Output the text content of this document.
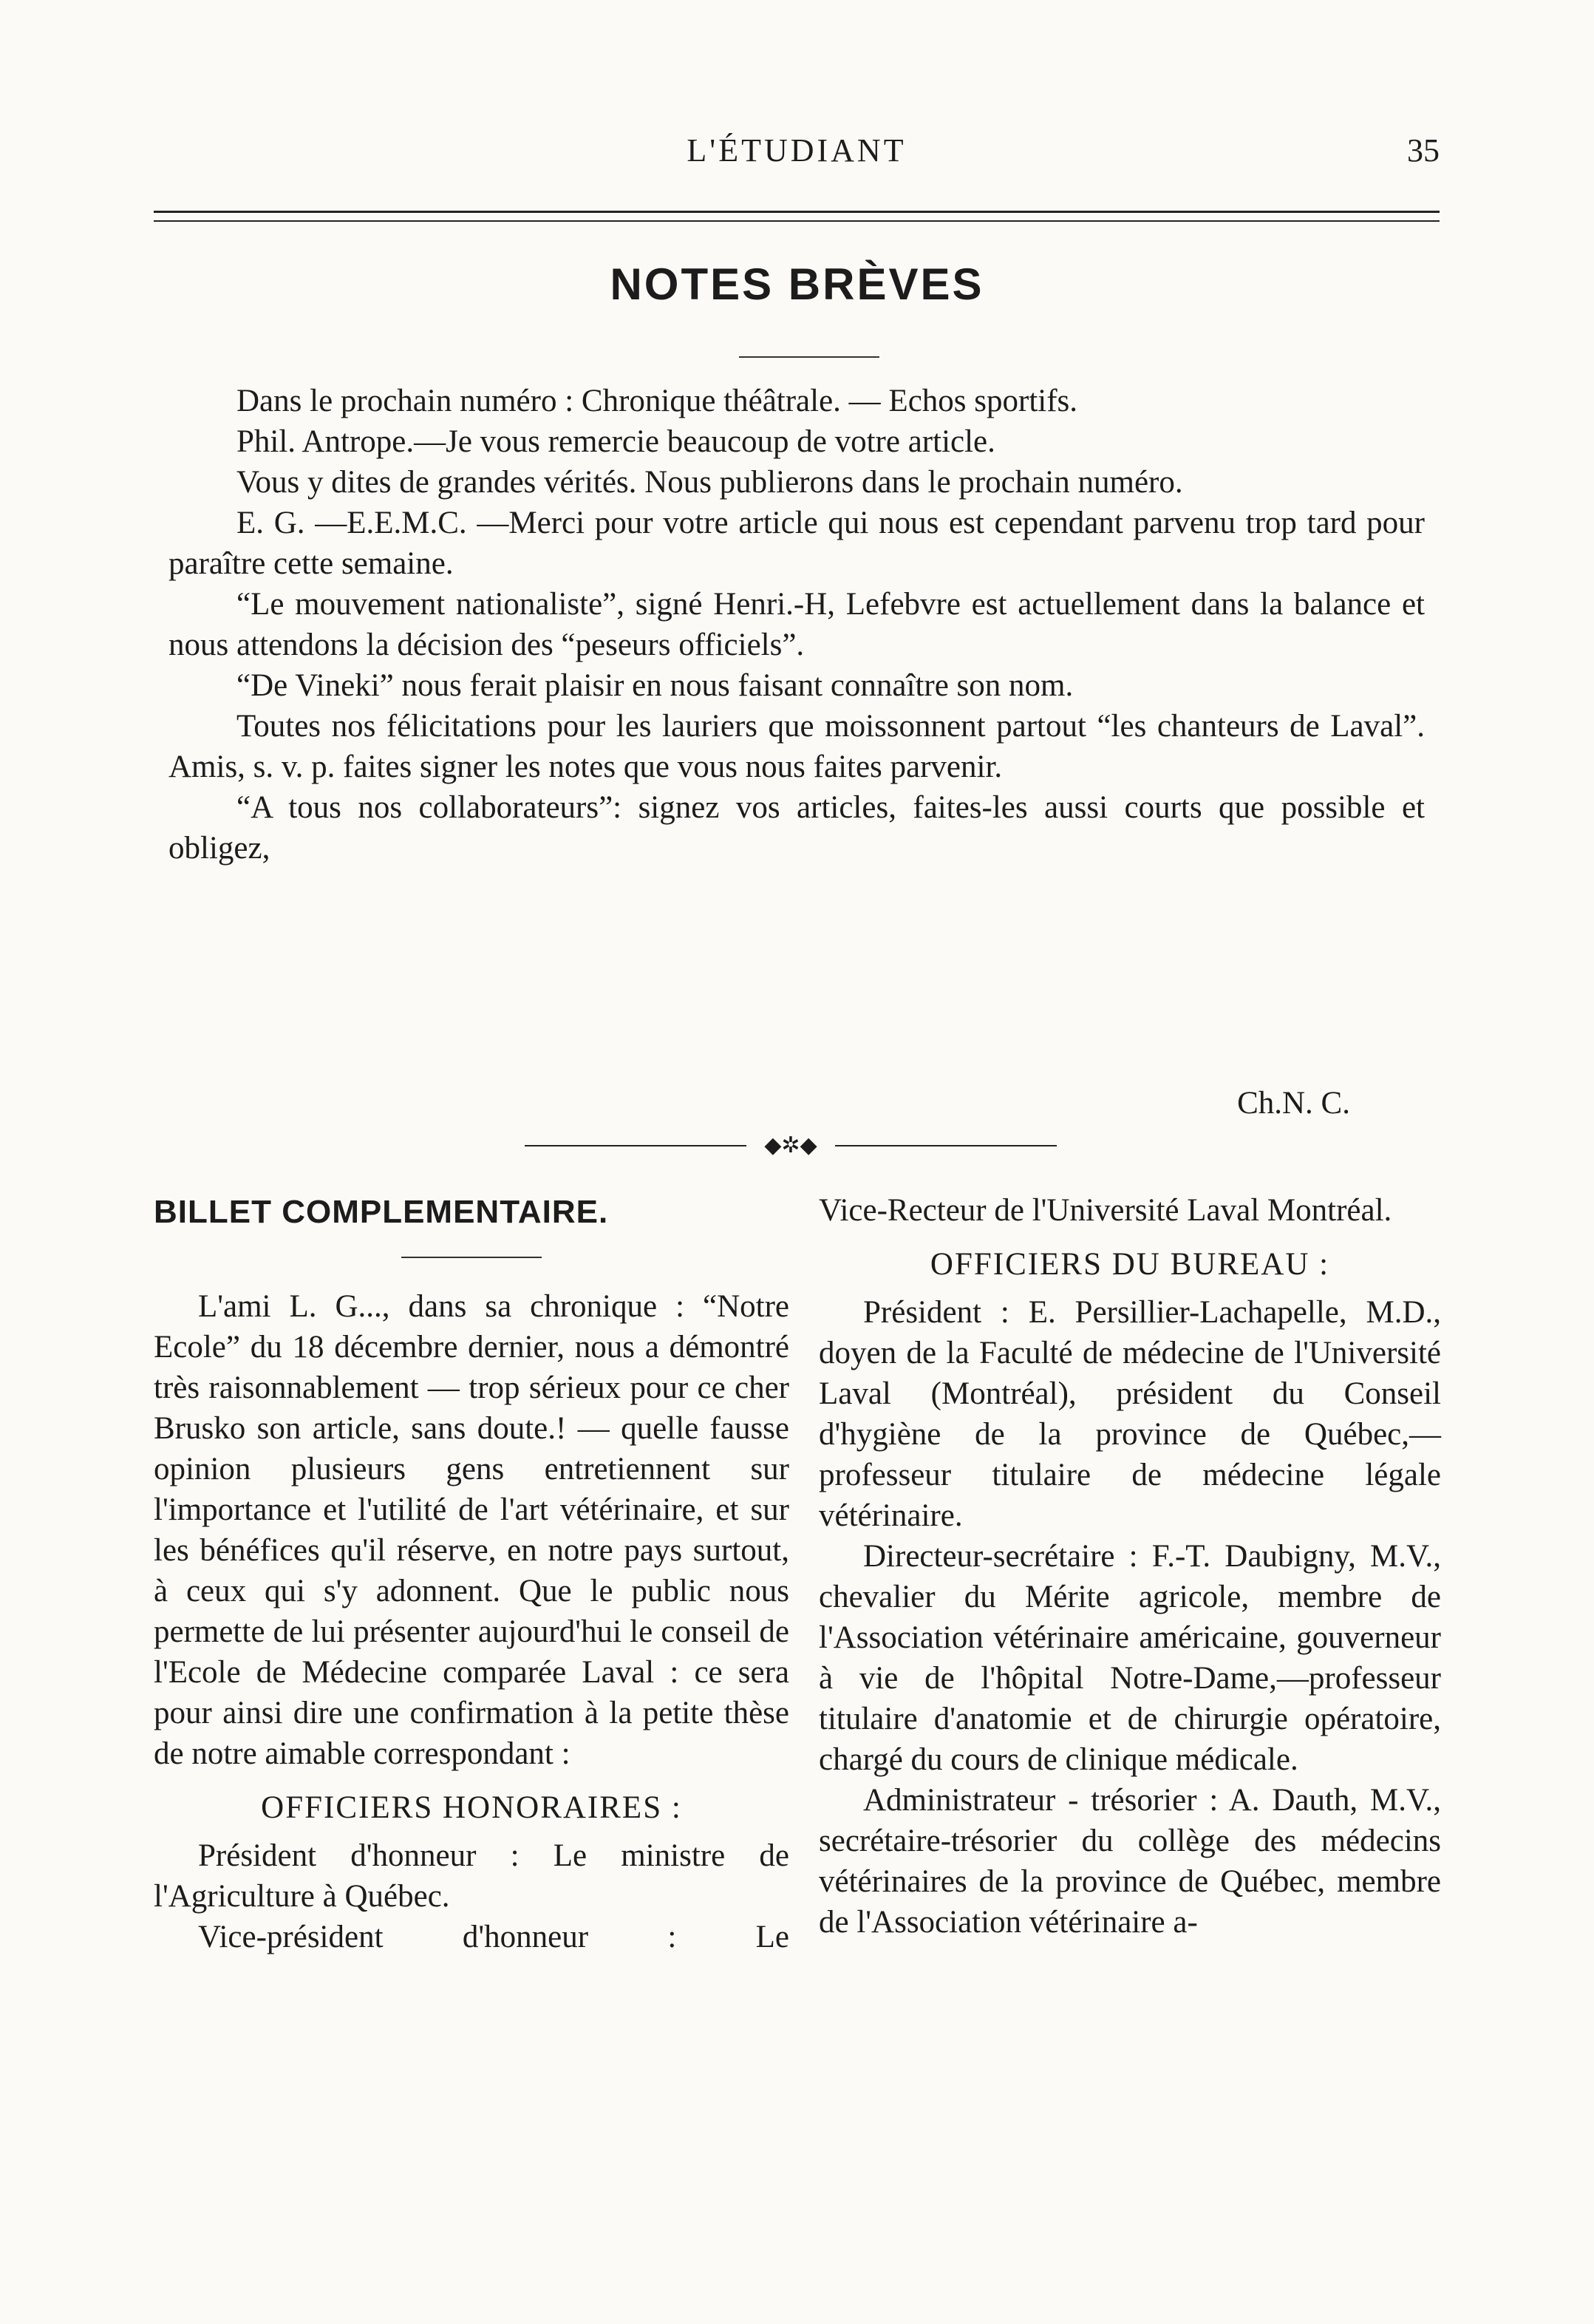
L'ÉTUDIANT	35
NOTES BRÈVES

Dans le prochain numéro : Chronique théâtrale. — Echos sportifs.

Phil. Antrope.—Je vous remercie beaucoup de votre article.

Vous y dites de grandes vérités. Nous publierons dans le prochain numéro.

E. G. —E.E.M.C. —Merci pour votre article qui nous est cependant parvenu trop tard pour paraître cette semaine.

“Le mouvement nationaliste”, signé Henri.-H, Lefebvre est actuellement dans la balance et nous attendons la décision des “peseurs officiels”.

“De Vineki” nous ferait plaisir en nous faisant connaître son nom.

Toutes nos félicitations pour les lauriers que moissonnent partout “les chanteurs de Laval”. Amis, s. v. p. faites signer les notes que vous nous faites parvenir.

“A tous nos collaborateurs”: signez vos articles, faites-les aussi courts que possible et obligez,

Ch.N. C.
◆✲◆
BILLET COMPLEMENTAIRE.

L'ami L. G..., dans sa chronique : “Notre Ecole” du 18 décembre dernier, nous a démontré très raisonnablement — trop sérieux pour ce cher Brusko son article, sans doute.! — quelle fausse opinion plusieurs gens entretiennent sur l'importance et l'utilité de l'art vétérinaire, et sur les bénéfices qu'il réserve, en notre pays surtout, à ceux qui s'y adonnent. Que le public nous permette de lui présenter aujourd'hui le conseil de l'Ecole de Médecine comparée Laval : ce sera pour ainsi dire une confirmation à la petite thèse de notre aimable correspondant :

OFFICIERS HONORAIRES :

Président d'honneur : Le ministre de l'Agriculture à Québec.

Vice-président d'honneur : Le

Vice-Recteur de l'Université Laval Montréal.

OFFICIERS DU BUREAU :

Président : E. Persillier-Lachapelle, M.D., doyen de la Faculté de médecine de l'Université Laval (Montréal), président du Conseil d'hygiène de la province de Québec,—professeur titulaire de médecine légale vétérinaire.

Directeur-secrétaire : F.-T. Daubigny, M.V., chevalier du Mérite agricole, membre de l'Association vétérinaire américaine, gouverneur à vie de l'hôpital Notre-Dame,—professeur titulaire d'anatomie et de chirurgie opératoire, chargé du cours de clinique médicale.

Administrateur - trésorier : A. Dauth, M.V., secrétaire-trésorier du collège des médecins vétérinaires de la province de Québec, membre de l'Association vétérinaire a-
